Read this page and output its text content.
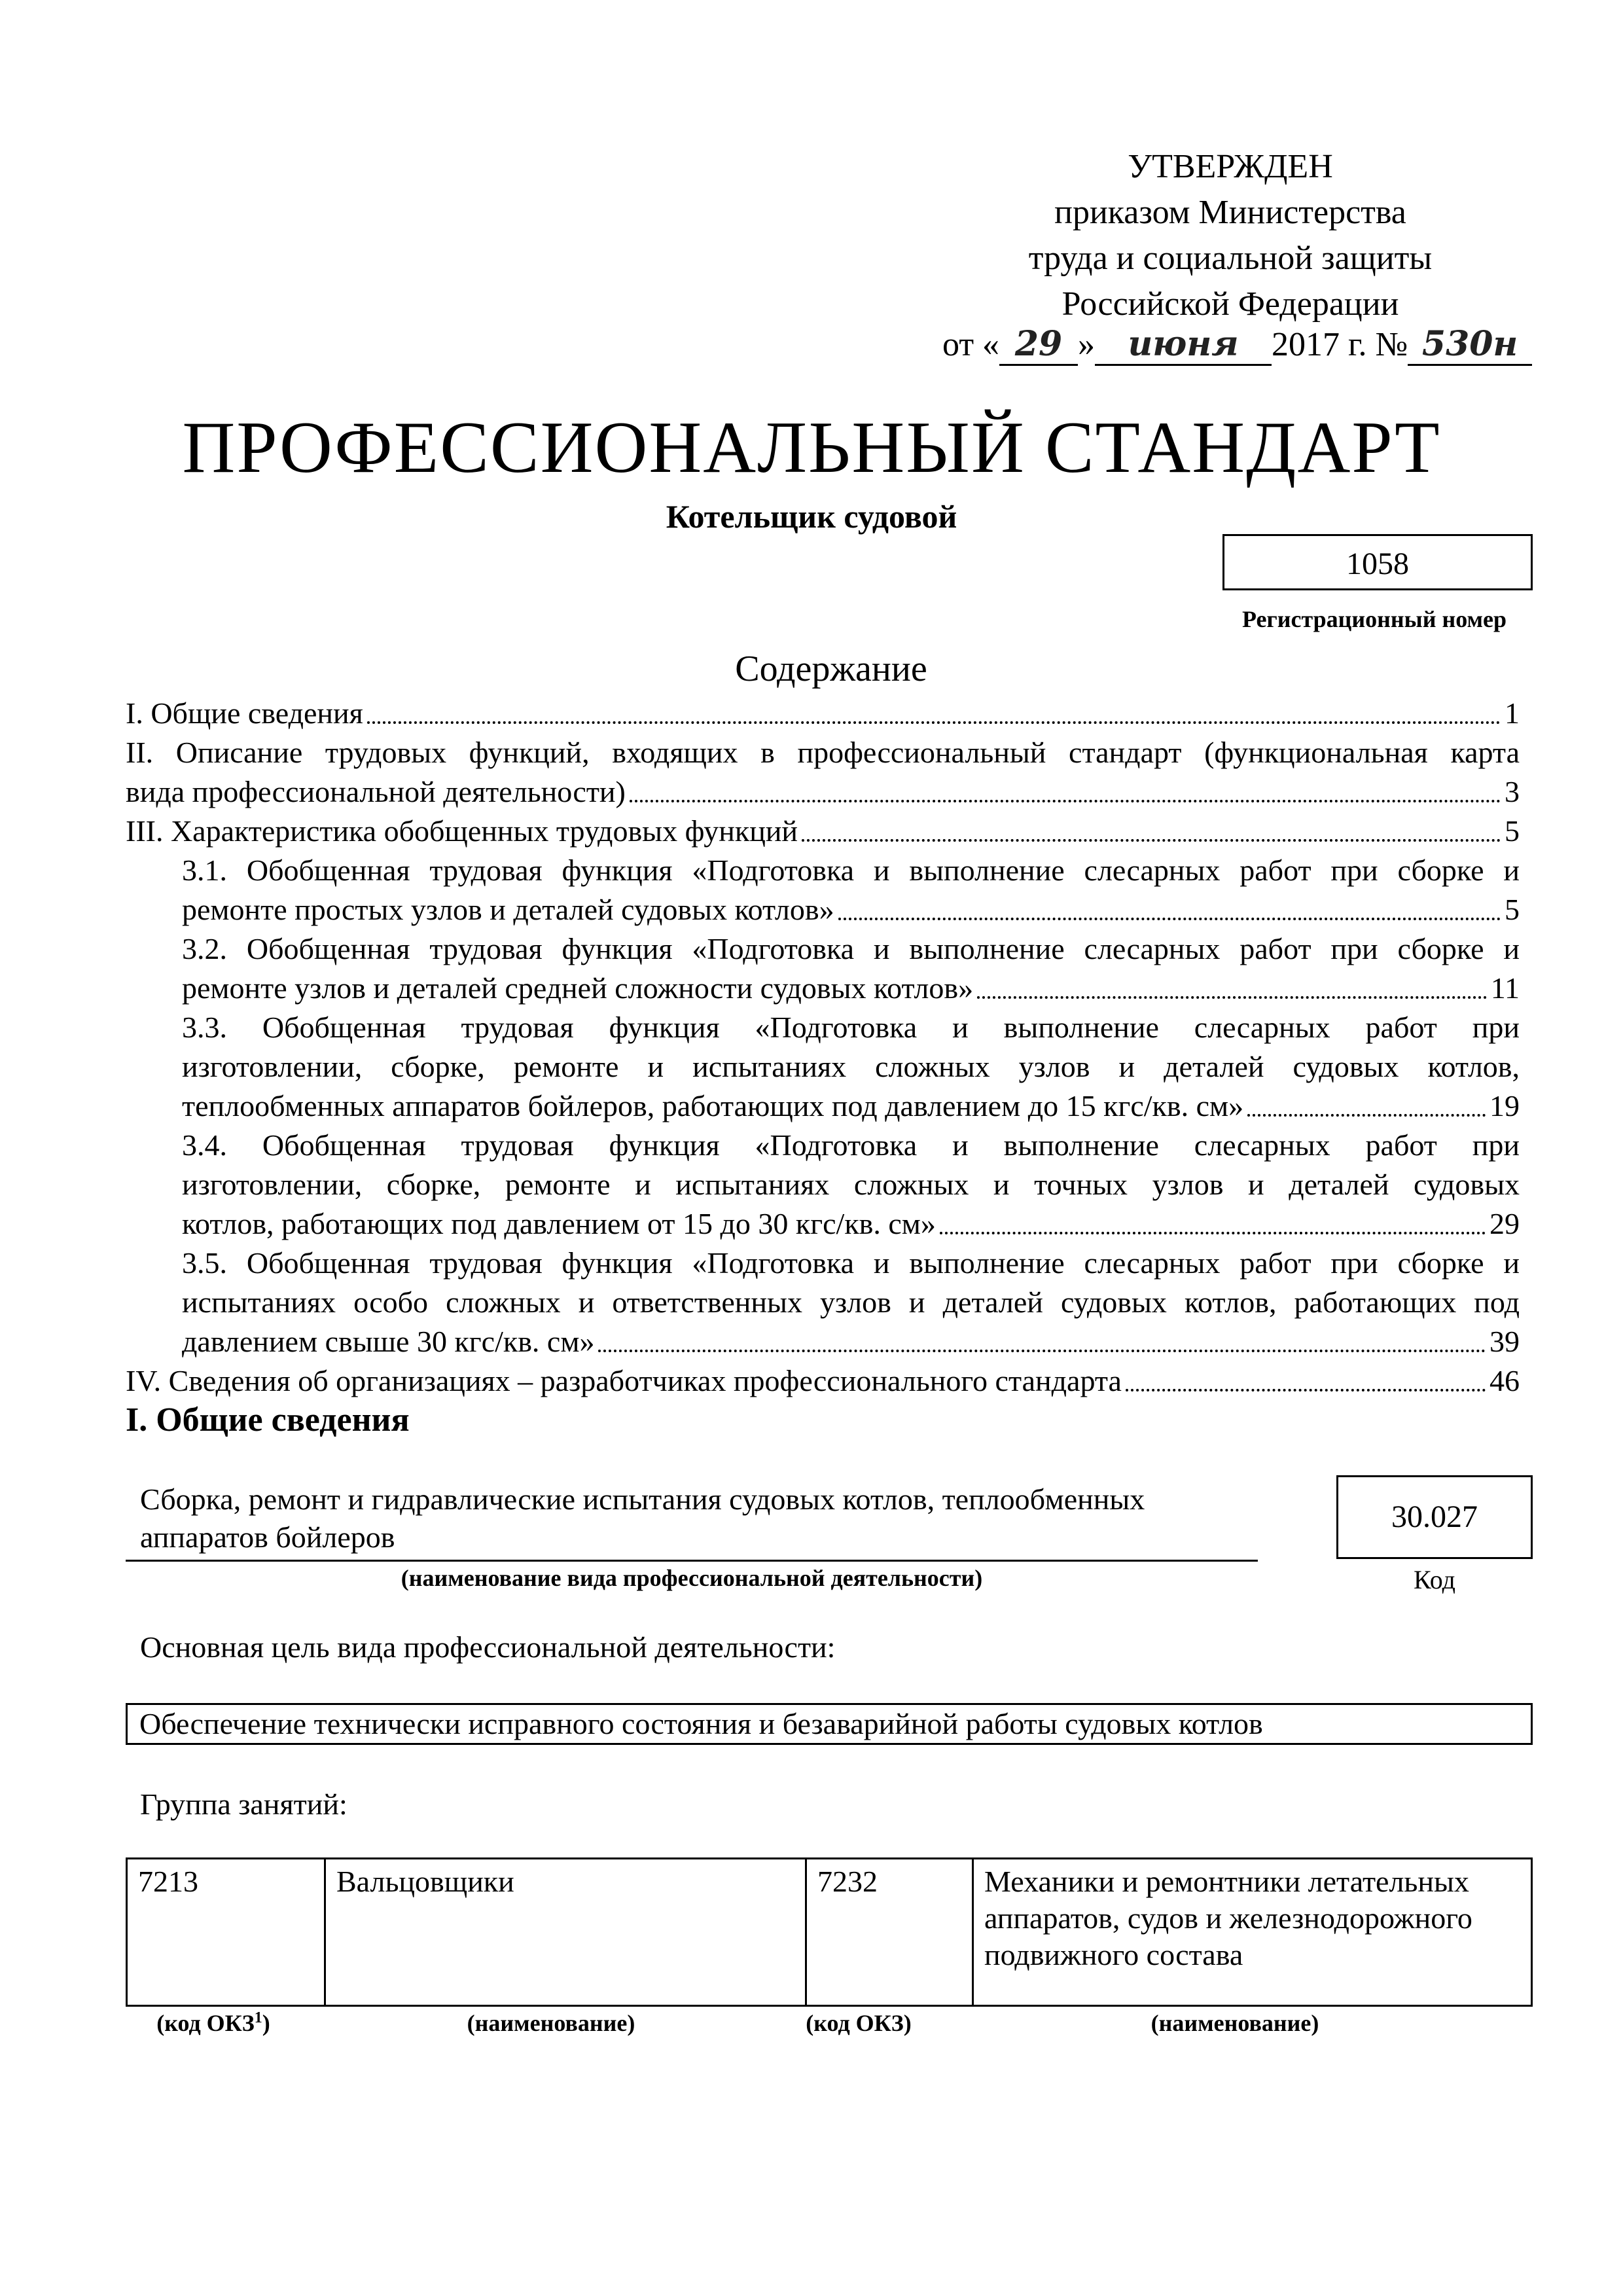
УТВЕРЖДЕН
приказом Министерства
труда и социальной защиты
Российской Федерации
от « 29 » июня 2017 г. № 530н
ПРОФЕССИОНАЛЬНЫЙ СТАНДАРТ
Котельщик судовой
1058
Регистрационный номер
Содержание
I. Общие сведения	1
II. Описание трудовых функций, входящих в профессиональный стандарт (функциональная карта
вида профессиональной деятельности)	3
III. Характеристика обобщенных трудовых функций	5
3.1. Обобщенная трудовая функция «Подготовка и выполнение слесарных работ при сборке и
ремонте простых узлов и деталей судовых котлов»	5
3.2. Обобщенная трудовая функция «Подготовка и выполнение слесарных работ при сборке и
ремонте узлов и деталей средней сложности судовых котлов»	11
3.3. Обобщенная трудовая функция «Подготовка и выполнение слесарных работ при
изготовлении, сборке, ремонте и испытаниях сложных узлов и деталей судовых котлов,
теплообменных аппаратов бойлеров, работающих под давлением до 15 кгс/кв. см»	19
3.4. Обобщенная трудовая функция «Подготовка и выполнение слесарных работ при
изготовлении, сборке, ремонте и испытаниях сложных и точных узлов и деталей судовых
котлов, работающих под давлением от 15 до 30 кгс/кв. см»	29
3.5. Обобщенная трудовая функция «Подготовка и выполнение слесарных работ при сборке и
испытаниях особо сложных и ответственных узлов и деталей судовых котлов, работающих под
давлением свыше 30 кгс/кв. см»	39
IV. Сведения об организациях – разработчиках профессионального стандарта	46
I. Общие сведения
Сборка, ремонт и гидравлические испытания судовых котлов, теплообменных
аппаратов бойлеров
(наименование вида профессиональной деятельности)
30.027
Код
Основная цель вида профессиональной деятельности:
Обеспечение технически исправного состояния и безаварийной работы судовых котлов
Группа занятий:
7213	Вальцовщики	7232	Механики и ремонтники летательных аппаратов, судов и железнодорожного подвижного состава
(код ОКЗ$^1$)	(наименование)	(код ОКЗ)	(наименование)
